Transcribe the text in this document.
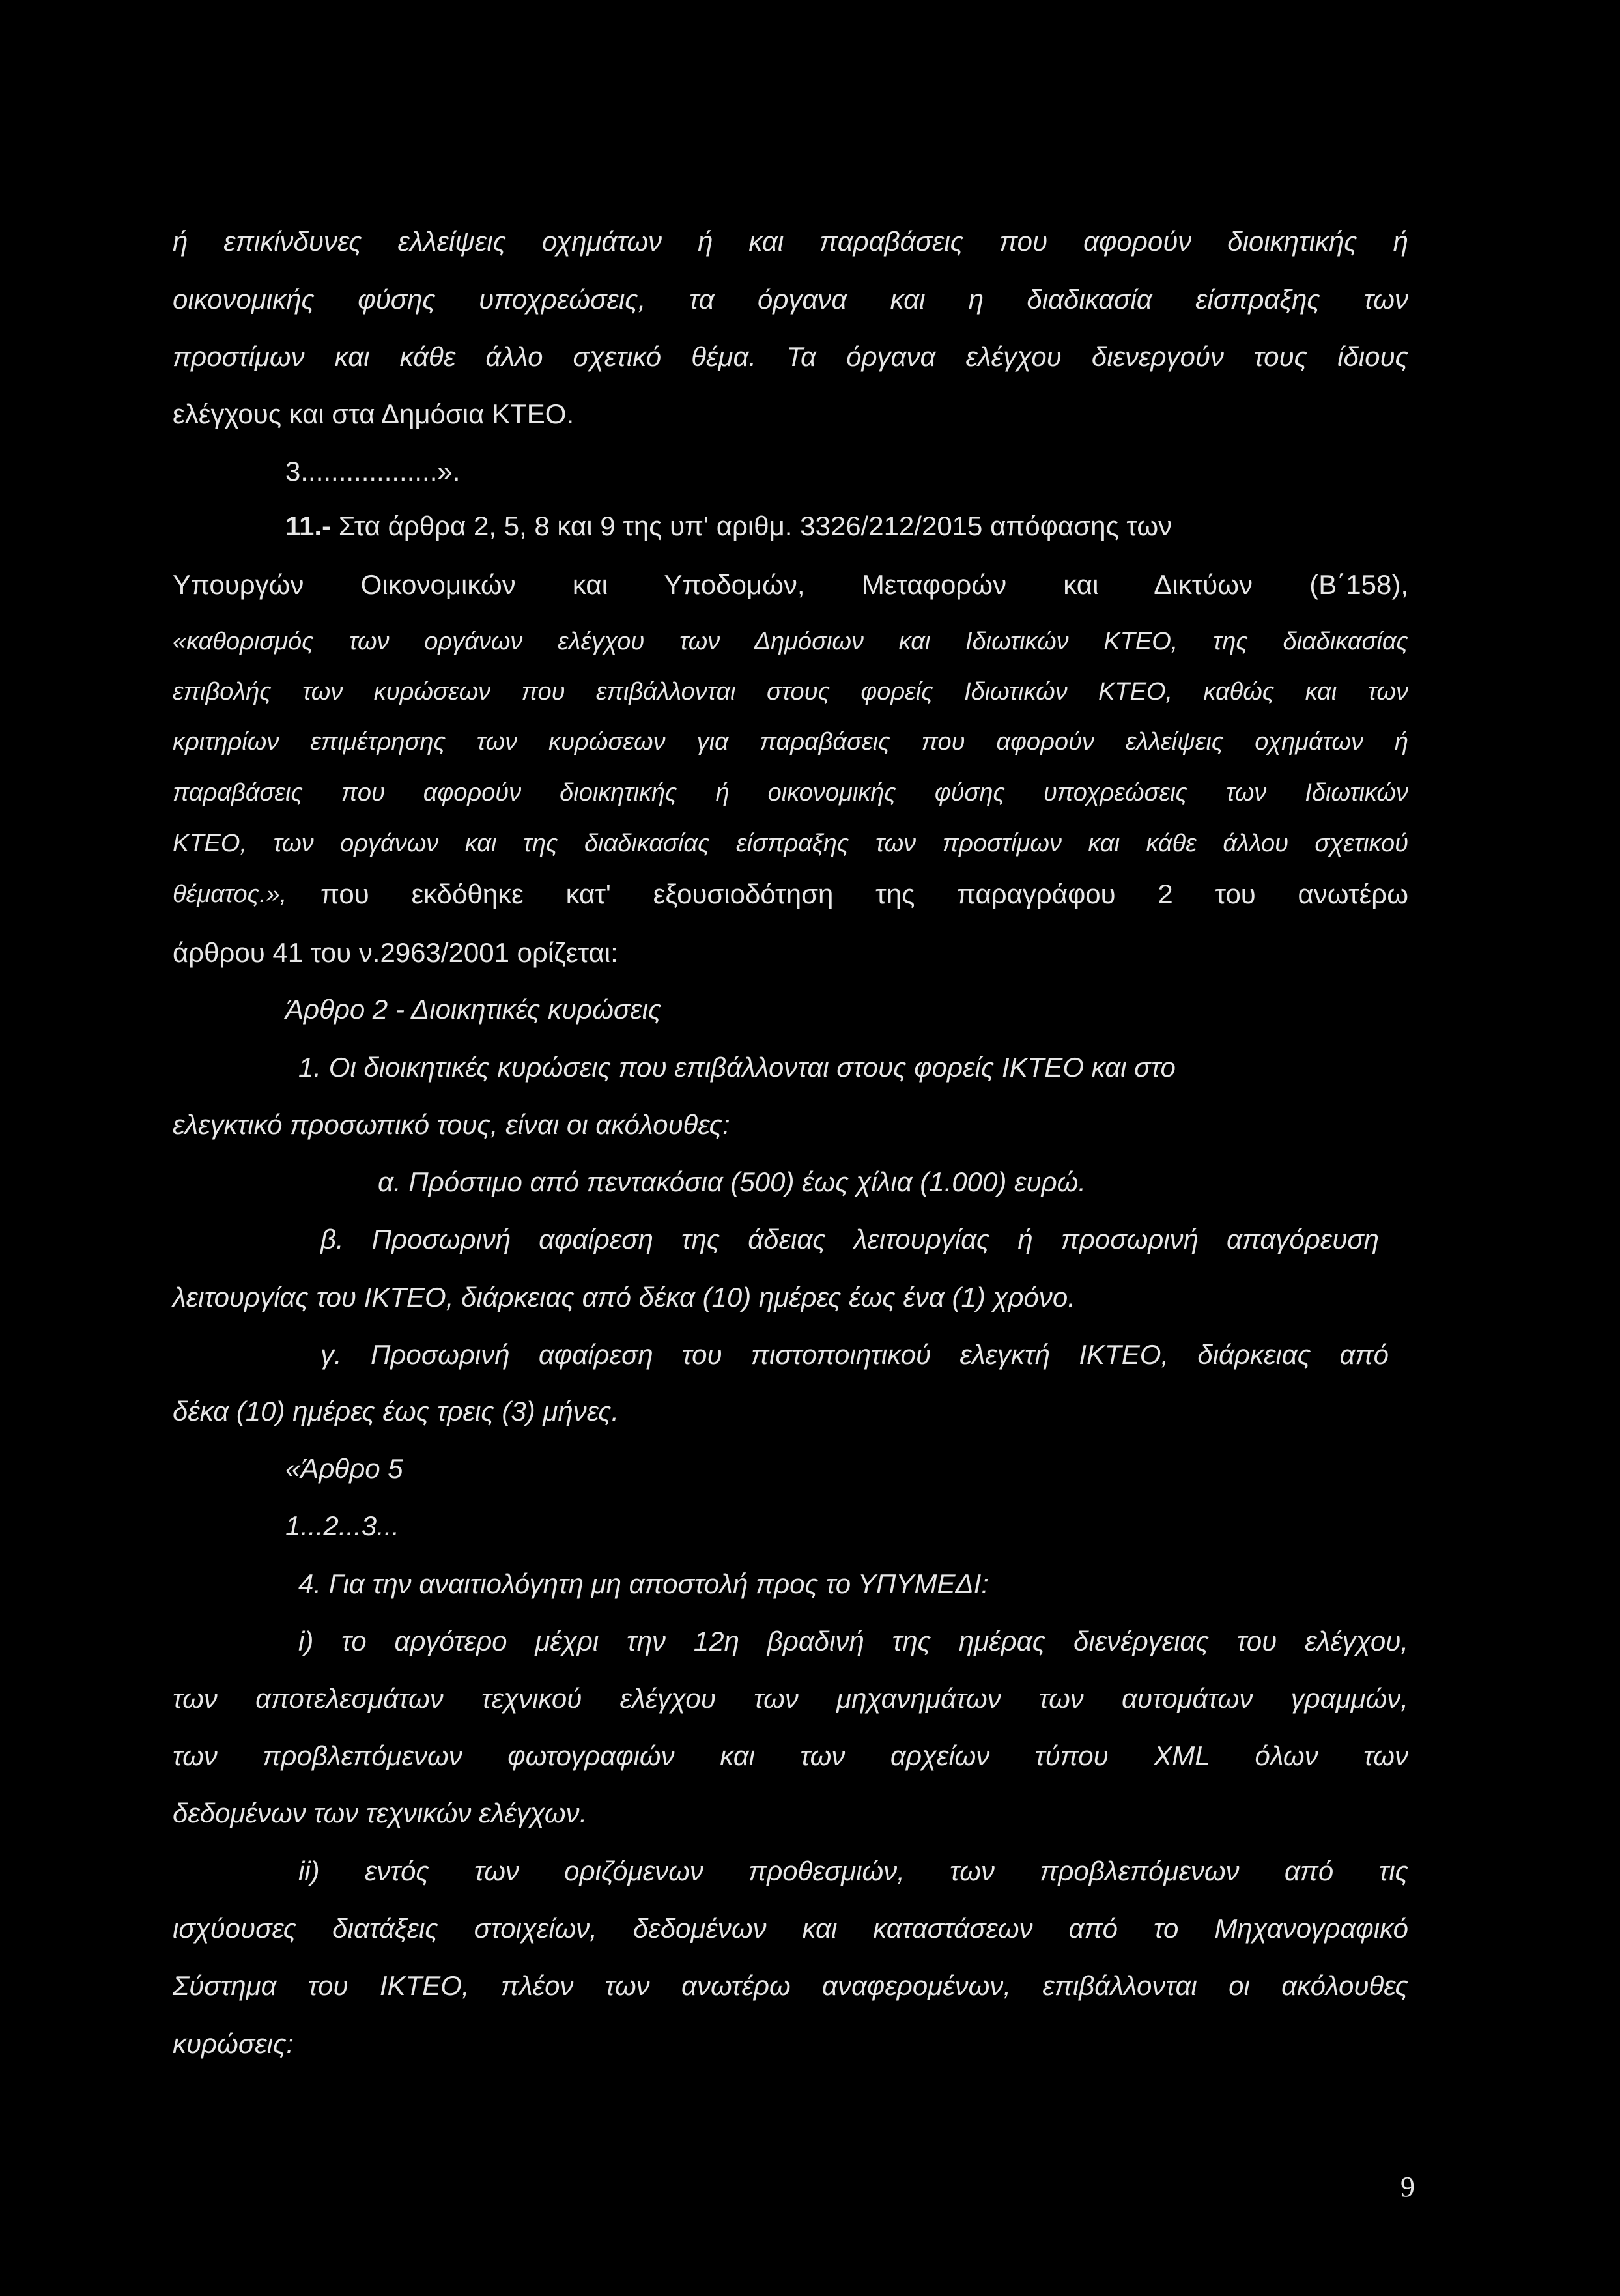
ή επικίνδυνες ελλείψεις οχημάτων ή και παραβάσεις που αφορούν διοικητικής ή

οικονομικής φύσης υποχρεώσεις, τα όργανα και η διαδικασία είσπραξης των

προστίμων και κάθε άλλο σχετικό θέμα. Τα όργανα ελέγχου διενεργούν τους ίδιους

ελέγχους και στα Δημόσια ΚΤΕΟ.

3..................».

11.- Στα άρθρα 2, 5, 8 και 9 της υπ' αριθμ. 3326/212/2015 απόφασης των

Υπουργών Οικονομικών και Υποδομών, Μεταφορών και Δικτύων (Β΄158),

«καθορισμός των οργάνων ελέγχου των Δημόσιων και Ιδιωτικών ΚΤΕΟ, της διαδικασίας

επιβολής των κυρώσεων που επιβάλλονται στους φορείς Ιδιωτικών ΚΤΕΟ, καθώς και των

κριτηρίων επιμέτρησης των κυρώσεων για παραβάσεις που αφορούν ελλείψεις οχημάτων ή

παραβάσεις που αφορούν διοικητικής ή οικονομικής φύσης υποχρεώσεις των Ιδιωτικών

ΚΤΕΟ, των οργάνων και της διαδικασίας είσπραξης των προστίμων και κάθε άλλου σχετικού

θέματος.», που εκδόθηκε κατ' εξουσιοδότηση της παραγράφου 2 του ανωτέρω

άρθρου 41 του ν.2963/2001 ορίζεται:

Άρθρο 2 - Διοικητικές κυρώσεις

1. Οι διοικητικές κυρώσεις που επιβάλλονται στους φορείς ΙΚΤΕΟ και στο

ελεγκτικό προσωπικό τους, είναι οι ακόλουθες:

α. Πρόστιμο από πεντακόσια (500) έως χίλια (1.000) ευρώ.

β. Προσωρινή αφαίρεση της άδειας λειτουργίας ή προσωρινή απαγόρευση

λειτουργίας του ΙΚΤΕΟ, διάρκειας από δέκα (10) ημέρες έως ένα (1) χρόνο.

γ. Προσωρινή αφαίρεση του πιστοποιητικού ελεγκτή ΙΚΤΕΟ, διάρκειας από

δέκα (10) ημέρες έως τρεις (3) μήνες.

«Άρθρο 5

1...2...3...

4. Για την αναιτιολόγητη μη αποστολή προς το ΥΠΥΜΕΔΙ:

i) το αργότερο μέχρι την 12η βραδινή της ημέρας διενέργειας του ελέγχου,

των αποτελεσμάτων τεχνικού ελέγχου των μηχανημάτων των αυτομάτων γραμμών,

των προβλεπόμενων φωτογραφιών και των αρχείων τύπου XML όλων των

δεδομένων των τεχνικών ελέγχων.

ii) εντός των οριζόμενων προθεσμιών, των προβλεπόμενων από τις

ισχύουσες διατάξεις στοιχείων, δεδομένων και καταστάσεων από το Μηχανογραφικό

Σύστημα του ΙΚΤΕΟ, πλέον των ανωτέρω αναφερομένων, επιβάλλονται οι ακόλουθες

κυρώσεις:

9
